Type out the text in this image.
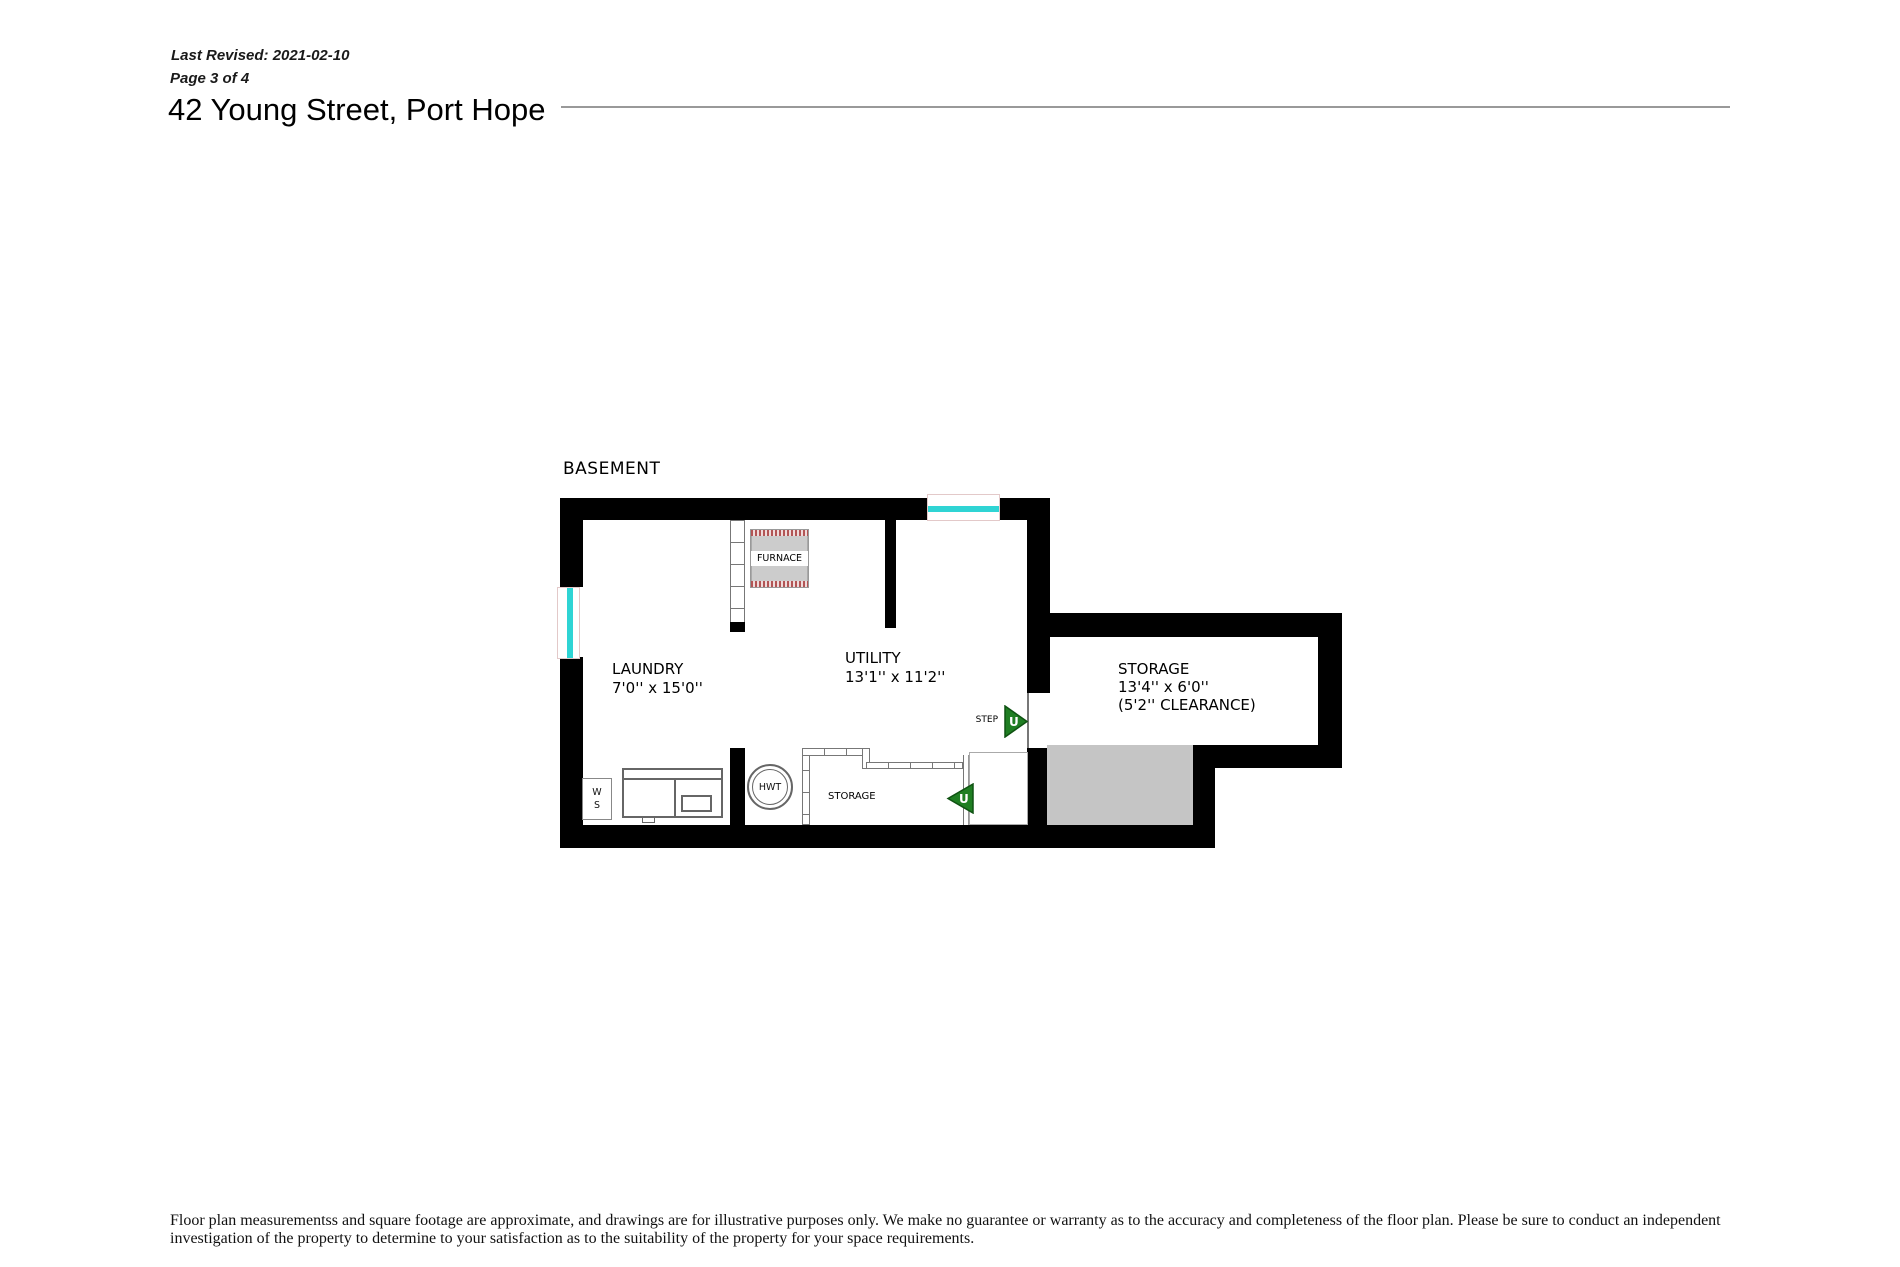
Last Revised: 2021-02-10
Page 3 of 4
42 Young Street, Port Hope
BASEMENT
FURNACE
W
S
HWT
LAUNDRY
7'0'' x 15'0''
UTILITY
13'1'' x 11'2''	STORAGE
13'4'' x 6'0''
(5'2'' CLEARANCE)
STEP
STORAGE
U
U
Floor plan measurementss and square footage are approximate, and drawings are for illustrative purposes only. We make no guarantee or warranty as to the accuracy and completeness of the floor plan. Please be sure to conduct an independent investigation of the property to determine to your satisfaction as to the suitability of the property for your space requirements.
